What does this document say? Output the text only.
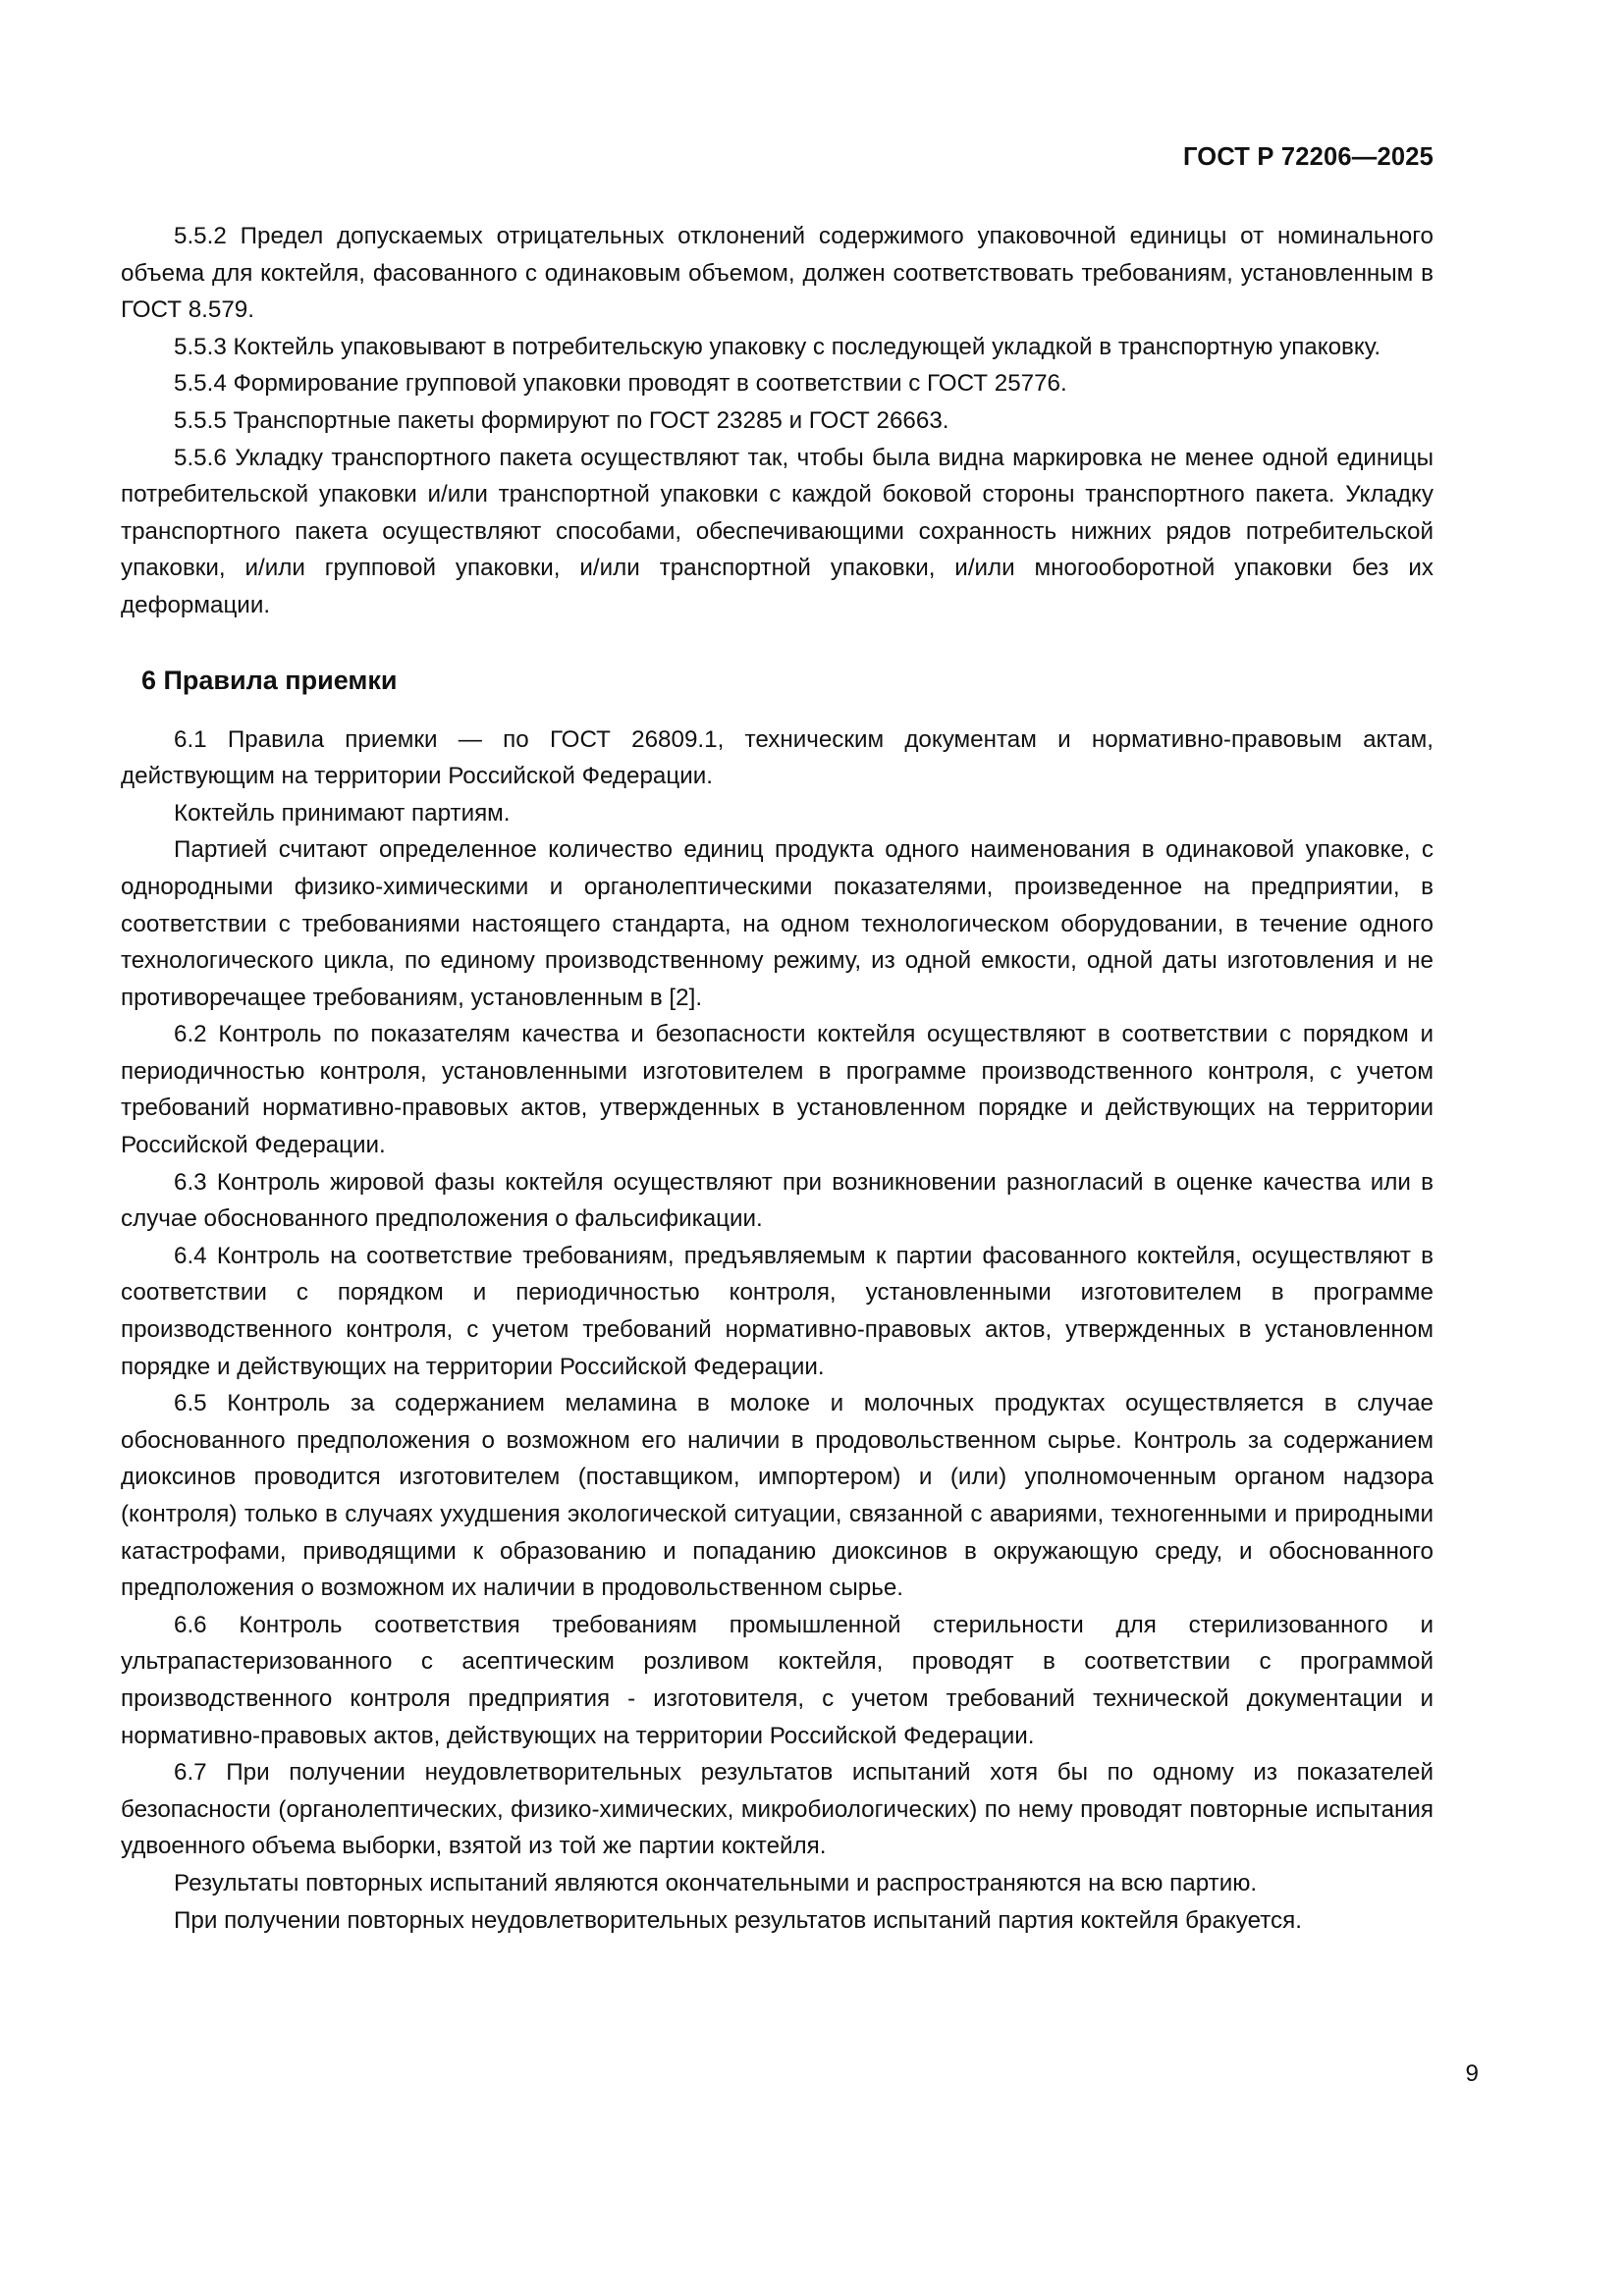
ГОСТ Р 72206—2025

5.5.2 Предел допускаемых отрицательных отклонений содержимого упаковочной единицы от номинального объема для коктейля, фасованного с одинаковым объемом, должен соответствовать требованиям, установленным в ГОСТ 8.579.

5.5.3 Коктейль упаковывают в потребительскую упаковку с последующей укладкой в транспортную упаковку.

5.5.4 Формирование групповой упаковки проводят в соответствии с ГОСТ 25776.

5.5.5 Транспортные пакеты формируют по ГОСТ 23285 и ГОСТ 26663.

5.5.6 Укладку транспортного пакета осуществляют так, чтобы была видна маркировка не менее одной единицы потребительской упаковки и/или транспортной упаковки с каждой боковой стороны транспортного пакета. Укладку транспортного пакета осуществляют способами, обеспечивающими сохранность нижних рядов потребительской упаковки, и/или групповой упаковки, и/или транспортной упаковки, и/или многооборотной упаковки без их деформации.

6 Правила приемки

6.1 Правила приемки — по ГОСТ 26809.1, техническим документам и нормативно-правовым актам, действующим на территории Российской Федерации.

Коктейль принимают партиям.

Партией считают определенное количество единиц продукта одного наименования в одинаковой упаковке, с однородными физико-химическими и органолептическими показателями, произведенное на предприятии, в соответствии с требованиями настоящего стандарта, на одном технологическом оборудовании, в течение одного технологического цикла, по единому производственному режиму, из одной емкости, одной даты изготовления и не противоречащее требованиям, установленным в [2].

6.2 Контроль по показателям качества и безопасности коктейля осуществляют в соответствии с порядком и периодичностью контроля, установленными изготовителем в программе производственного контроля, с учетом требований нормативно-правовых актов, утвержденных в установленном порядке и действующих на территории Российской Федерации.

6.3 Контроль жировой фазы коктейля осуществляют при возникновении разногласий в оценке качества или в случае обоснованного предположения о фальсификации.

6.4 Контроль на соответствие требованиям, предъявляемым к партии фасованного коктейля, осуществляют в соответствии с порядком и периодичностью контроля, установленными изготовителем в программе производственного контроля, с учетом требований нормативно-правовых актов, утвержденных в установленном порядке и действующих на территории Российской Федерации.

6.5 Контроль за содержанием меламина в молоке и молочных продуктах осуществляется в случае обоснованного предположения о возможном его наличии в продовольственном сырье. Контроль за содержанием диоксинов проводится изготовителем (поставщиком, импортером) и (или) уполномоченным органом надзора (контроля) только в случаях ухудшения экологической ситуации, связанной с авариями, техногенными и природными катастрофами, приводящими к образованию и попаданию диоксинов в окружающую среду, и обоснованного предположения о возможном их наличии в продовольственном сырье.

6.6 Контроль соответствия требованиям промышленной стерильности для стерилизованного и ультрапастеризованного с асептическим розливом коктейля, проводят в соответствии с программой производственного контроля предприятия - изготовителя, с учетом требований технической документации и нормативно-правовых актов, действующих на территории Российской Федерации.

6.7 При получении неудовлетворительных результатов испытаний хотя бы по одному из показателей безопасности (органолептических, физико-химических, микробиологических) по нему проводят повторные испытания удвоенного объема выборки, взятой из той же партии коктейля.

Результаты повторных испытаний являются окончательными и распространяются на всю партию.

При получении повторных неудовлетворительных результатов испытаний партия коктейля бракуется.

9
